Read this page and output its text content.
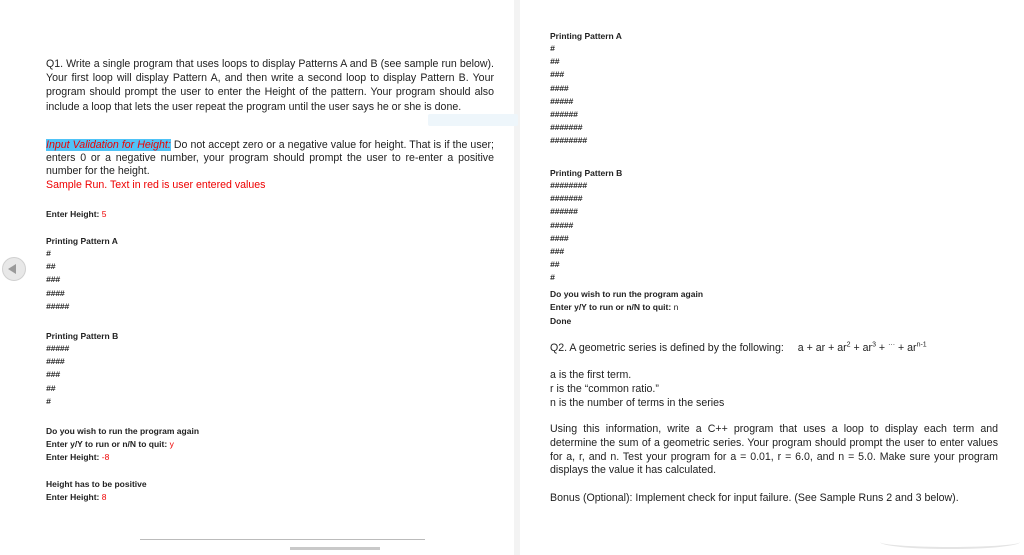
Q1. Write a single program that uses loops to display Patterns A and B (see sample run below). Your first loop will display Pattern A, and then write a second loop to display Pattern B. Your program should prompt the user to enter the Height of the pattern. Your program should also include a loop that lets the user repeat the program until the user says he or she is done.
Input Validation for Height: Do not accept zero or a negative value for height. That is if the user; enters 0 or a negative number, your program should prompt the user to re-enter a positive number for the height.
Sample Run. Text in red is user entered values
Enter Height: 5
Printing Pattern A
#
##
###
####
#####
Printing Pattern B
#####
####
###
##
#
Do you wish to run the program again
Enter y/Y to run or n/N to quit: y
Enter Height: -8
Height has to be positive
Enter Height: 8
Printing Pattern A
#
##
###
####
#####
######
#######
########
Printing Pattern B
########
#######
######
#####
####
###
##
#
Do you wish to run the program again
Enter y/Y to run or n/N to quit: n
Done
Q2. A geometric series is defined by the following: a + ar + $ar^2 + ar^3 + ^{\cdot\cdot\cdot} + ar^{n-1}$
a is the first term.
r is the “common ratio.”
n is the number of terms in the series
Using this information, write a C++ program that uses a loop to display each term and determine the sum of a geometric series. Your program should prompt the user to enter values for a, r, and n. Test your program for a = 0.01, r = 6.0, and n = 5.0. Make sure your program displays the value it has calculated.
Bonus (Optional): Implement check for input failure. (See Sample Runs 2 and 3 below).
